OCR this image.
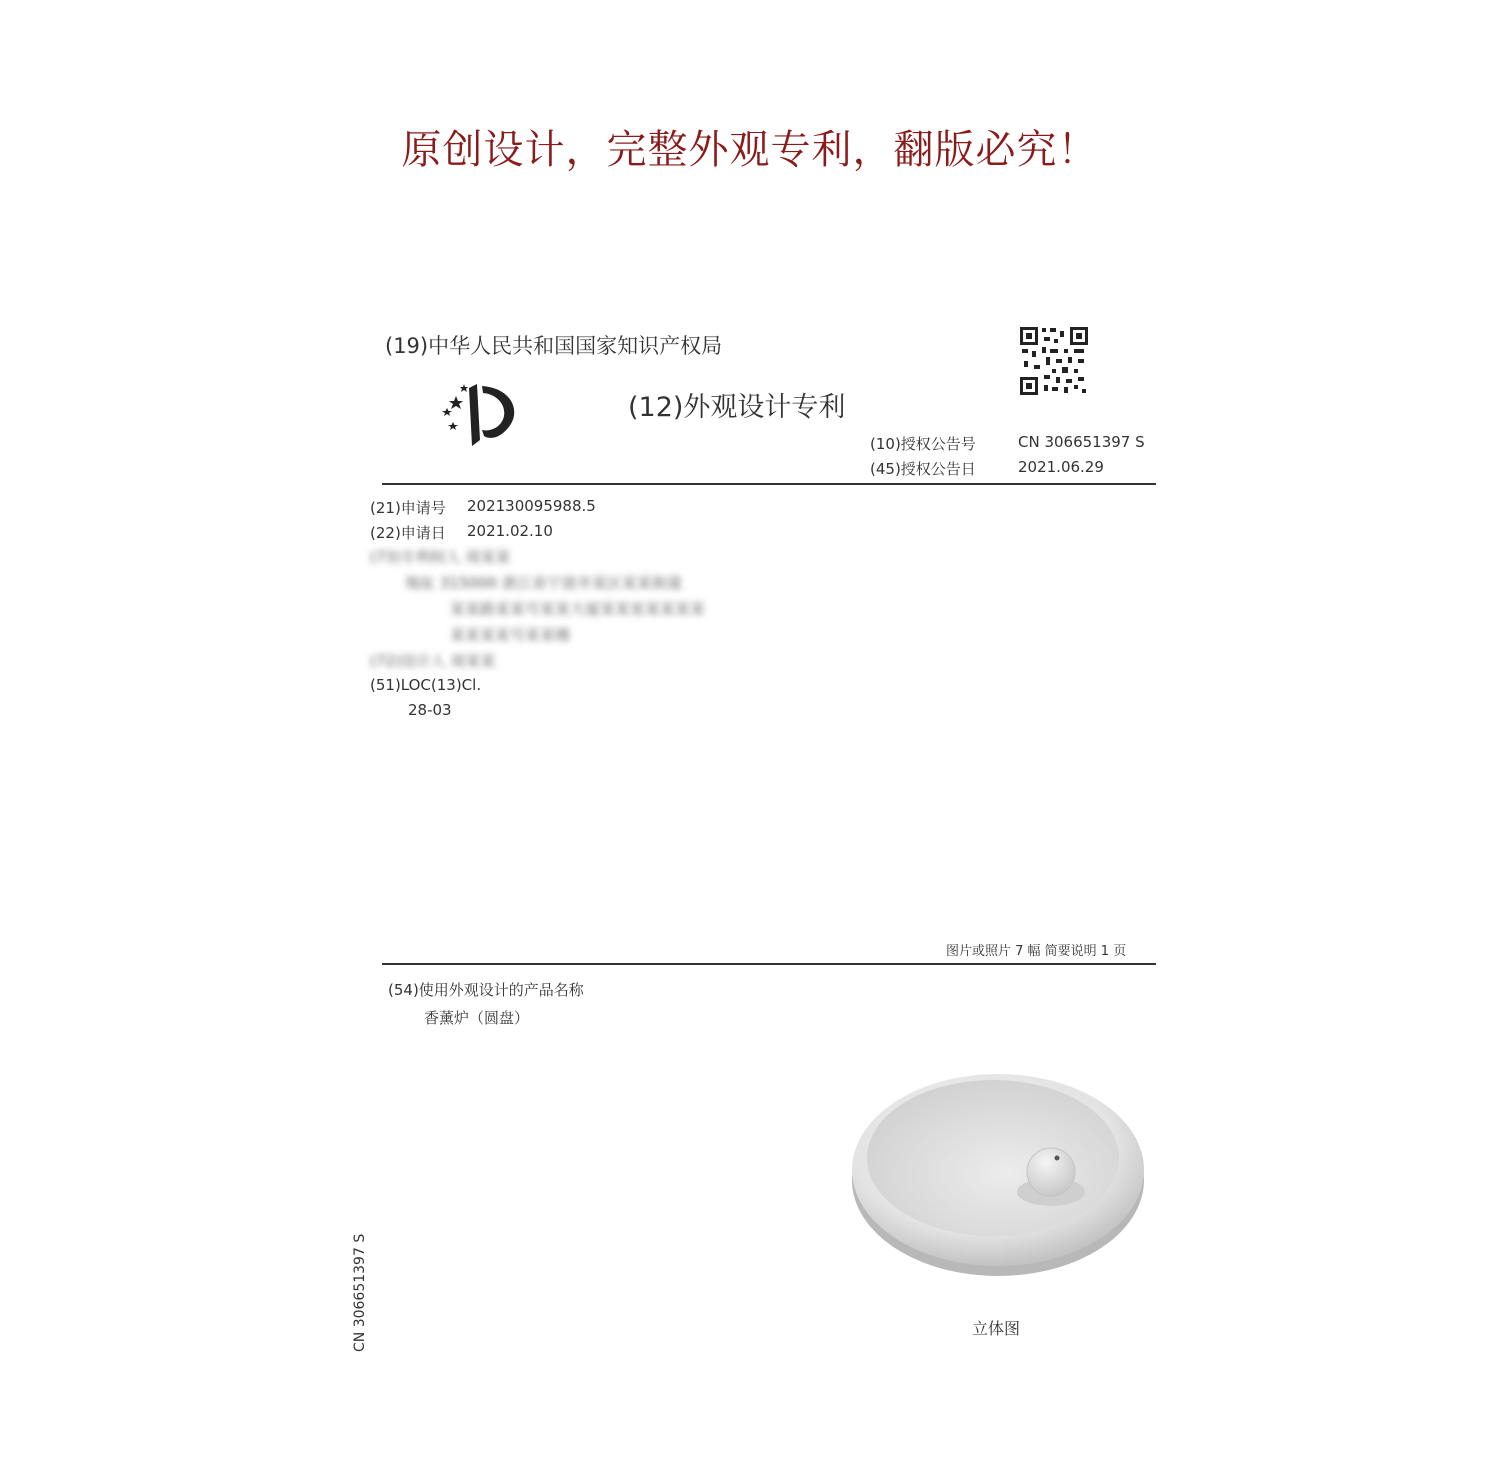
原创设计，完整外观专利，翻版必究！
(19)中华人民共和国国家知识产权局
(12)外观设计专利
(10)授权公告号	CN 306651397 S
(45)授权公告日	2021.06.29
(21)申请号 202130095988.5
(22)申请日 2021.02.10
(73)专利权人 周某某
地址 315000 浙江省宁波市某区某某街道
某某路某某号某某大厦某某室某某某某
某某某某号某某楼
(72)设计人 周某某
(51)LOC(13)Cl.
28-03
图片或照片 7 幅 简要说明 1 页
(54)使用外观设计的产品名称
香薰炉（圆盘）
立体图
CN 306651397 S
